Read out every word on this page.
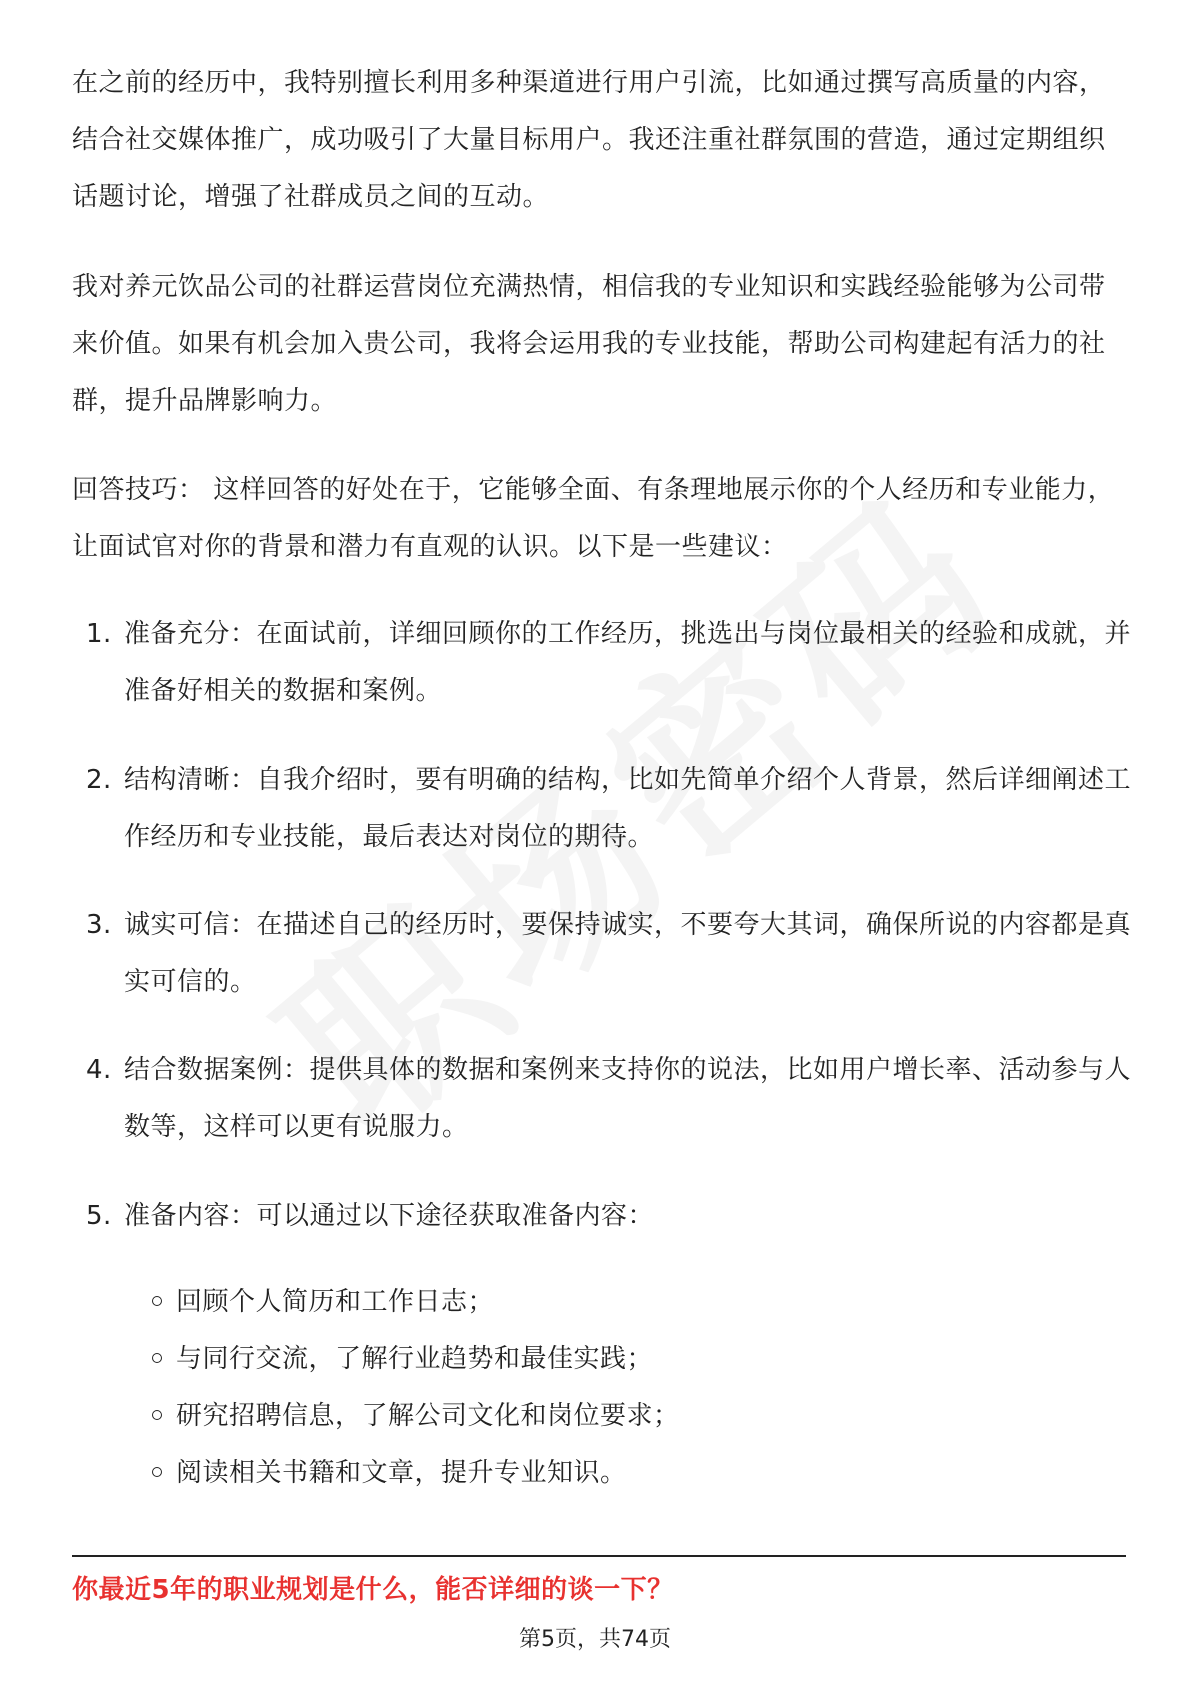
在之前的经历中，我特别擅长利用多种渠道进行用户引流，比如通过撰写高质量的内容，结合社交媒体推广，成功吸引了大量目标用户。我还注重社群氛围的营造，通过定期组织话题讨论，增强了社群成员之间的互动。

我对养元饮品公司的社群运营岗位充满热情，相信我的专业知识和实践经验能够为公司带来价值。如果有机会加入贵公司，我将会运用我的专业技能，帮助公司构建起有活力的社群，提升品牌影响力。

回答技巧： 这样回答的好处在于，它能够全面、有条理地展示你的个人经历和专业能力，让面试官对你的背景和潜力有直观的认识。以下是一些建议：

1. 准备充分：在面试前，详细回顾你的工作经历，挑选出与岗位最相关的经验和成就，并准备好相关的数据和案例。
2. 结构清晰：自我介绍时，要有明确的结构，比如先简单介绍个人背景，然后详细阐述工作经历和专业技能，最后表达对岗位的期待。
3. 诚实可信：在描述自己的经历时，要保持诚实，不要夸大其词，确保所说的内容都是真实可信的。
4. 结合数据案例：提供具体的数据和案例来支持你的说法，比如用户增长率、活动参与人数等，这样可以更有说服力。
5. 准备内容：可以通过以下途径获取准备内容：
回顾个人简历和工作日志；
与同行交流，了解行业趋势和最佳实践；
研究招聘信息，了解公司文化和岗位要求；
阅读相关书籍和文章，提升专业知识。
你最近5年的职业规划是什么，能否详细的谈一下？
第5页，共74页
